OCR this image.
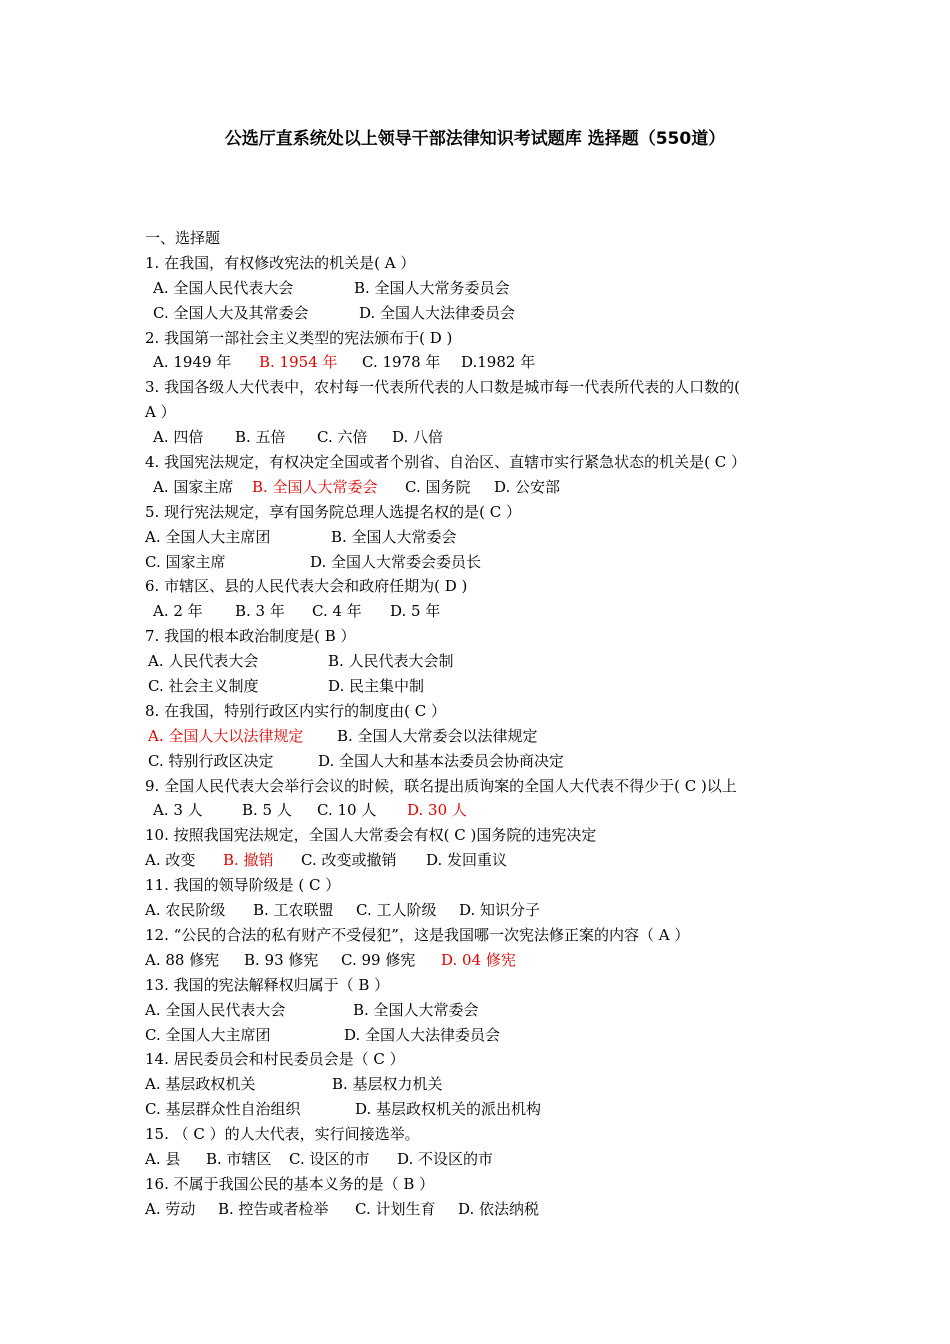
公选厅直系统处以上领导干部法律知识考试题库 选择题（550道）
一、选择题
1. 在我国，有权修改宪法的机关是( A ）
A. 全国人民代表大会	B. 全国人大常务委员会
C. 全国人大及其常委会	D. 全国人大法律委员会
2. 我国第一部社会主义类型的宪法颁布于( D )
A. 1949 年 B. 1954 年 C. 1978 年 D.1982 年
3. 我国各级人大代表中，农村每一代表所代表的人口数是城市每一代表所代表的人口数的(
A ）
A. 四倍 B. 五倍 C. 六倍 D. 八倍
4. 我国宪法规定，有权决定全国或者个别省、自治区、直辖市实行紧急状态的机关是( C ）
A. 国家主席 B. 全国人大常委会 C. 国务院 D. 公安部
5. 现行宪法规定，享有国务院总理人选提名权的是( C ）
A. 全国人大主席团	B. 全国人大常委会
C. 国家主席	D. 全国人大常委会委员长
6. 市辖区、县的人民代表大会和政府任期为( D )
A. 2 年 B. 3 年 C. 4 年 D. 5 年
7. 我国的根本政治制度是( B ）
A. 人民代表大会	B. 人民代表大会制
C. 社会主义制度	D. 民主集中制
8. 在我国，特别行政区内实行的制度由( C ）
A. 全国人大以法律规定 B. 全国人大常委会以法律规定
C. 特别行政区决定	D. 全国人大和基本法委员会协商决定
9. 全国人民代表大会举行会议的时候，联名提出质询案的全国人大代表不得少于( C )以上
A. 3 人	B. 5 人 C. 10 人 D. 30 人
10. 按照我国宪法规定，全国人大常委会有权( C )国务院的违宪决定
A. 改变 B. 撤销 C. 改变或撤销 D. 发回重议
11. 我国的领导阶级是 ( C ）
A. 农民阶级 B. 工农联盟 C. 工人阶级 D. 知识分子
12. “公民的合法的私有财产不受侵犯”，这是我国哪一次宪法修正案的内容（ A ）
A. 88 修宪 B. 93 修宪 C. 99 修宪 D. 04 修宪
13. 我国的宪法解释权归属于（ B ）
A. 全国人民代表大会	B. 全国人大常委会
C. 全国人大主席团	D. 全国人大法律委员会
14. 居民委员会和村民委员会是（ C ）
A. 基层政权机关	B. 基层权力机关
C. 基层群众性自治组织	D. 基层政权机关的派出机构
15. （ C ）的人大代表，实行间接选举。
A. 县 B. 市辖区 C. 设区的市 D. 不设区的市
16. 不属于我国公民的基本义务的是（ B ）
A. 劳动 B. 控告或者检举 C. 计划生育 D. 依法纳税
